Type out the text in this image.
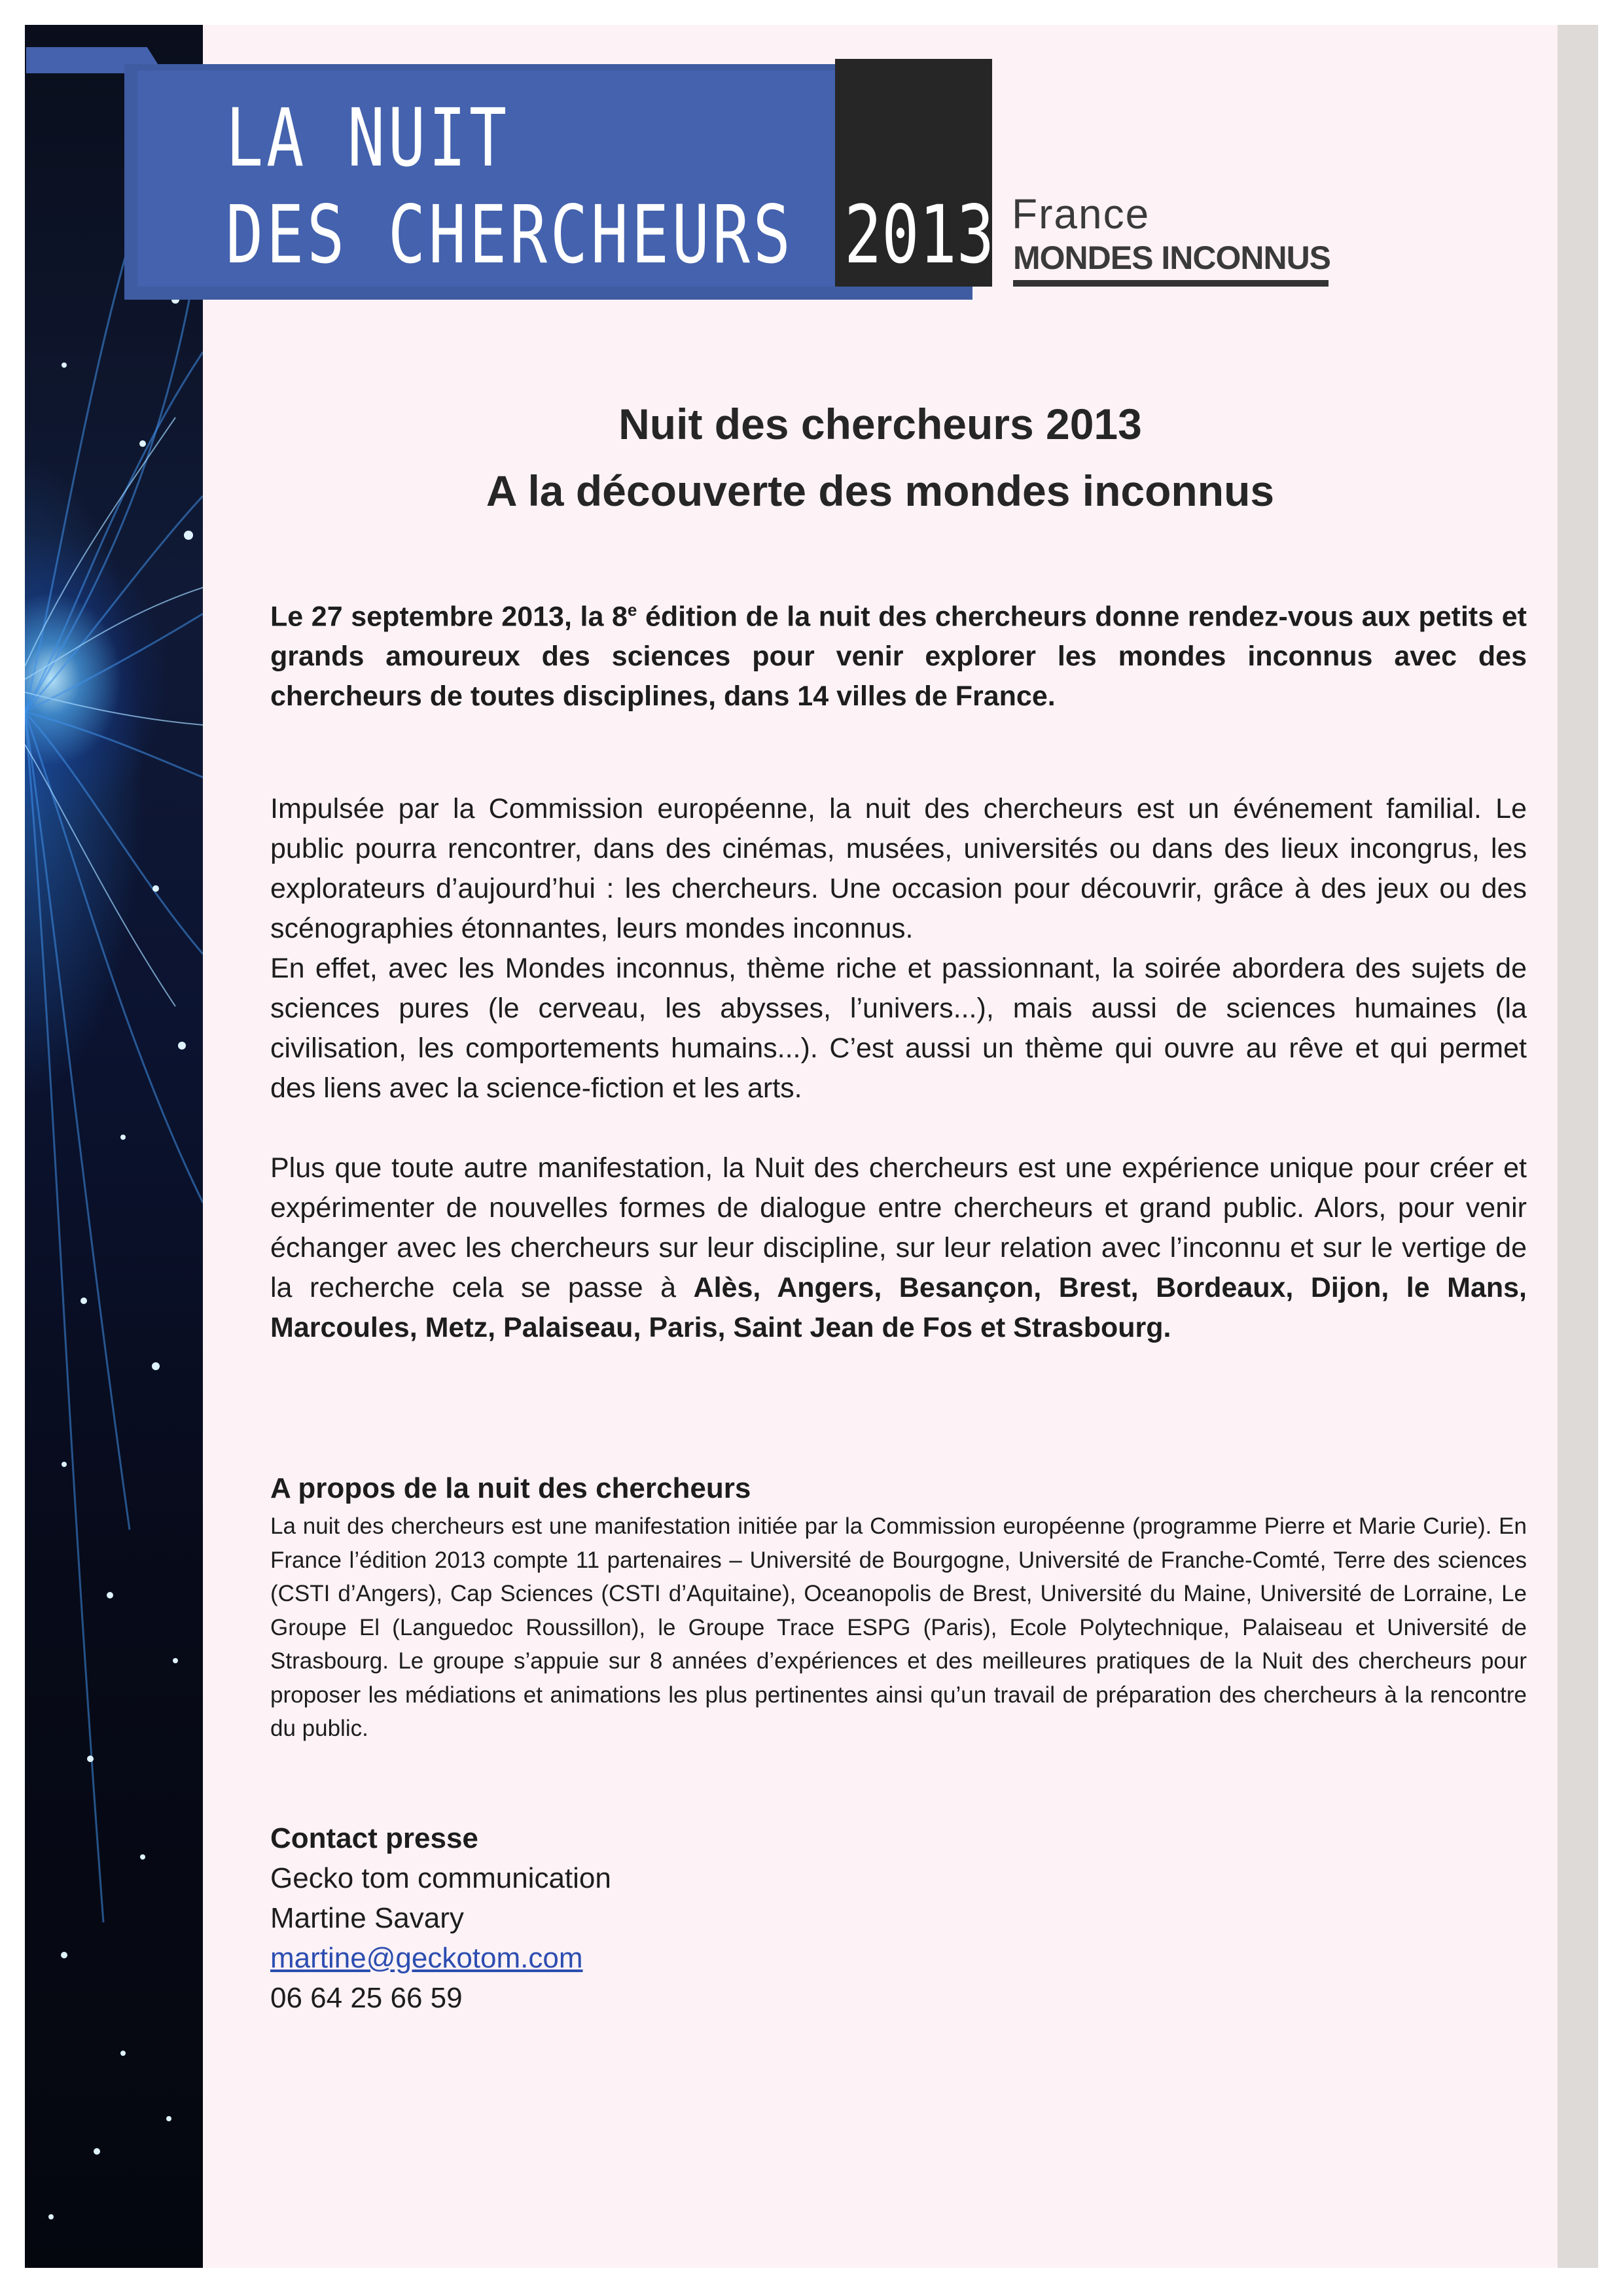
LA NUIT
DES CHERCHEURS 2013 France
MONDES INCONNUS
Nuit des chercheurs 2013
A la découverte des mondes inconnus
Le 27 septembre 2013, la 8e édition de la nuit des chercheurs donne rendez-vous aux petits et grands amoureux des sciences pour venir explorer les mondes inconnus avec des chercheurs de toutes disciplines, dans 14 villes de France.
Impulsée par la Commission européenne, la nuit des chercheurs est un événement familial. Le public pourra rencontrer, dans des cinémas, musées, universités ou dans des lieux incongrus, les explorateurs d’aujourd’hui : les chercheurs. Une occasion pour découvrir, grâce à des jeux ou des scénographies étonnantes, leurs mondes inconnus.
En effet, avec les Mondes inconnus, thème riche et passionnant, la soirée abordera des sujets de sciences pures (le cerveau, les abysses, l’univers...), mais aussi de sciences humaines (la civilisation, les comportements humains...). C’est aussi un thème qui ouvre au rêve et qui permet des liens avec la science-fiction et les arts.
Plus que toute autre manifestation, la Nuit des chercheurs est une expérience unique pour créer et expérimenter de nouvelles formes de dialogue entre chercheurs et grand public. Alors, pour venir échanger avec les chercheurs sur leur discipline, sur leur relation avec l’inconnu et sur le vertige de la recherche cela se passe à Alès, Angers, Besançon, Brest, Bordeaux, Dijon, le Mans, Marcoules, Metz, Palaiseau, Paris, Saint Jean de Fos et Strasbourg.
A propos de la nuit des chercheurs
La nuit des chercheurs est une manifestation initiée par la Commission européenne (programme Pierre et Marie Curie). En France l’édition 2013 compte 11 partenaires – Université de Bourgogne, Université de Franche-Comté, Terre des sciences (CSTI d’Angers), Cap Sciences (CSTI d’Aquitaine), Oceanopolis de Brest, Université du Maine, Université de Lorraine, Le Groupe El (Languedoc Roussillon), le Groupe Trace ESPG (Paris), Ecole Polytechnique, Palaiseau et Université de Strasbourg. Le groupe s’appuie sur 8 années d’expériences et des meilleures pratiques de la Nuit des chercheurs pour proposer les médiations et animations les plus pertinentes ainsi qu’un travail de préparation des chercheurs à la rencontre du public.
Contact presse
Gecko tom communication
Martine Savary
martine@geckotom.com
06 64 25 66 59
